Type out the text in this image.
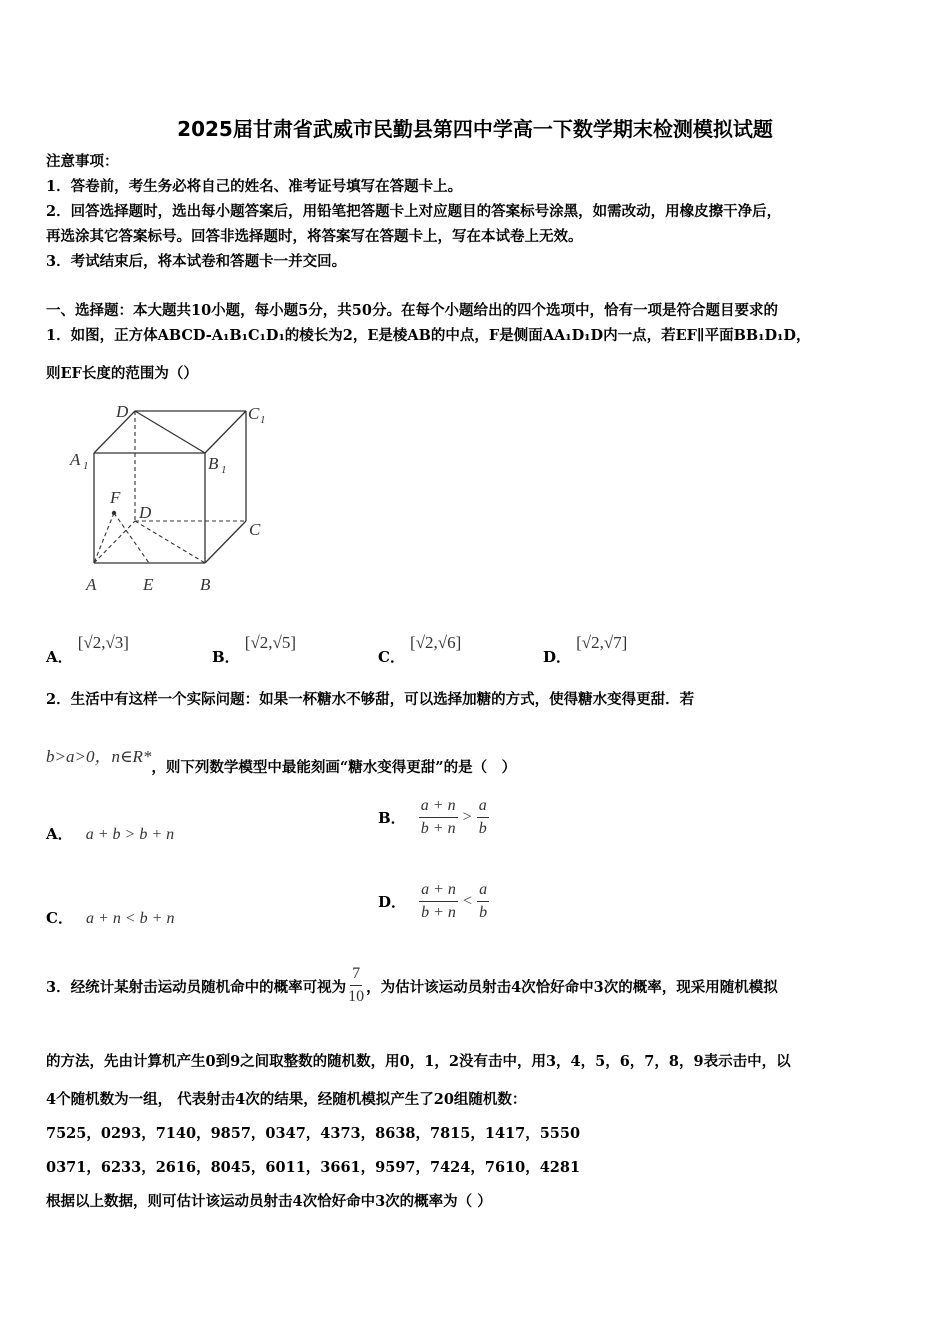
2025届甘肃省武威市民勤县第四中学高一下数学期末检测模拟试题
注意事项：
1．答卷前，考生务必将自己的姓名、准考证号填写在答题卡上。
2．回答选择题时，选出每小题答案后，用铅笔把答题卡上对应题目的答案标号涂黑，如需改动，用橡皮擦干净后，
再选涂其它答案标号。回答非选择题时，将答案写在答题卡上，写在本试卷上无效。
3．考试结束后，将本试卷和答题卡一并交回。
一、选择题：本大题共10小题，每小题5分，共50分。在每个小题给出的四个选项中，恰有一项是符合题目要求的
1．如图，正方体ABCD-A₁B₁C₁D₁的棱长为2，E是棱AB的中点，F是侧面AA₁D₁D内一点，若EF∥平面BB₁D₁D，
则EF长度的范围为（）
D	C 1
A 1	B 1
F
D
C
A	E	B
A． [√2,√3]
B． [√2,√5]
C． [√2,√6]
D． [√2,√7]
2．生活中有这样一个实际问题：如果一杯糖水不够甜，可以选择加糖的方式，使得糖水变得更甜．若
b>a>0，n∈R*，则下列数学模型中最能刻画“糖水变得更甜”的是（　）
A． a + b > b + n
B． $\frac{a + n}{b + n} > \frac{a}{b}$
C． a + n < b + n
D． $\frac{a + n}{b + n} < \frac{a}{b}$
3．经统计某射击运动员随机命中的概率可视为 $\frac{7}{10}$ ，为估计该运动员射击4次恰好命中3次的概率，现采用随机模拟
的方法，先由计算机产生0到9之间取整数的随机数，用0，1，2没有击中，用3，4，5，6，7，8，9表示击中，以
4个随机数为一组， 代表射击4次的结果，经随机模拟产生了20组随机数：
7525，0293，7140，9857，0347，4373，8638，7815，1417，5550
0371，6233，2616，8045，6011，3661，9597，7424，7610，4281
根据以上数据，则可估计该运动员射击4次恰好命中3次的概率为（ ）
